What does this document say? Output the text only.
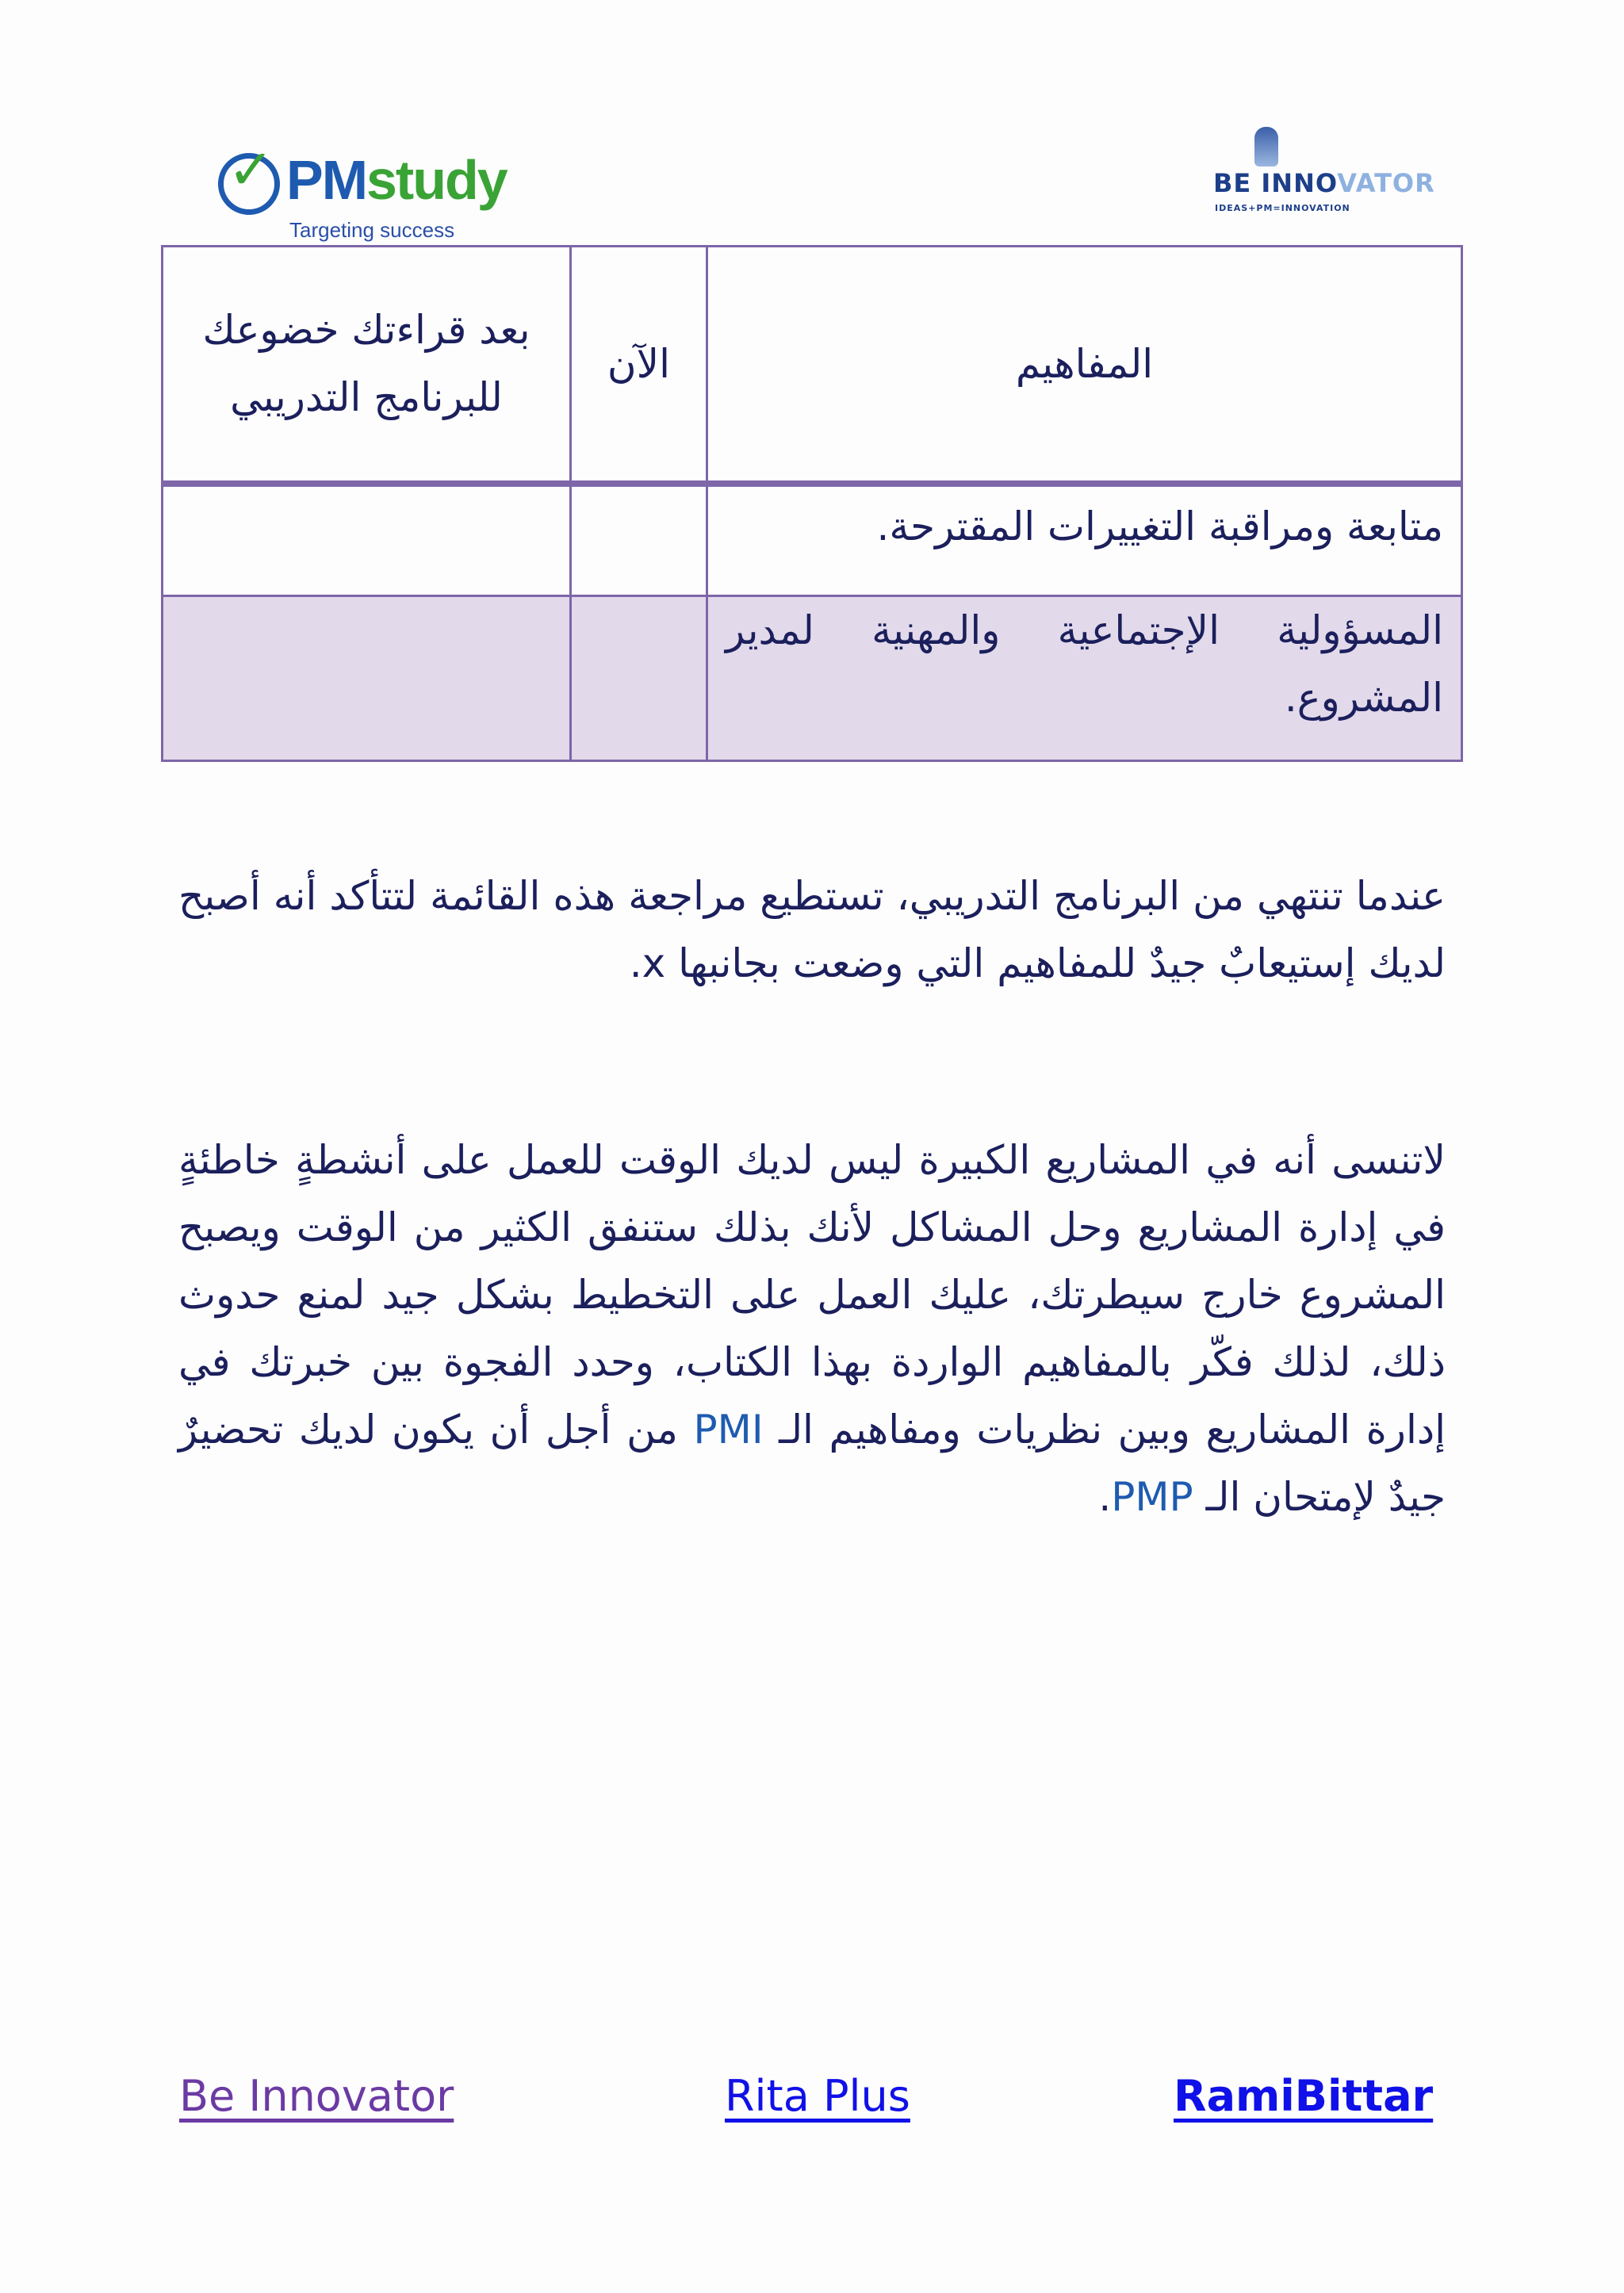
✓ PMstudy
Targeting success
BE INNOVATOR
IDEAS+PM=INNOVATION
المفاهيم	الآن	بعد قراءتك خضوعك للبرنامج التدريبي
متابعة ومراقبة التغييرات المقترحة.		
المسؤولية الإجتماعية والمهنية لمدير المشروع.		

عندما تنتهي من البرنامج التدريبي، تستطيع مراجعة هذه القائمة لتتأكد أنه أصبح لديك إستيعابٌ جيدٌ للمفاهيم التي وضعت بجانبها x.

لاتنسى أنه في المشاريع الكبيرة ليس لديك الوقت للعمل على أنشطةٍ خاطئةٍ في إدارة المشاريع وحل المشاكل لأنك بذلك ستنفق الكثير من الوقت ويصبح المشروع خارج سيطرتك، عليك العمل على التخطيط بشكل جيد لمنع حدوث ذلك، لذلك فكّر بالمفاهيم الواردة بهذا الكتاب، وحدد الفجوة بين خبرتك في إدارة المشاريع وبين نظريات ومفاهيم الـ PMI من أجل أن يكون لديك تحضيرٌ جيدٌ لإمتحان الـ PMP.

Be Innovator	Rita Plus	RamiBittar
